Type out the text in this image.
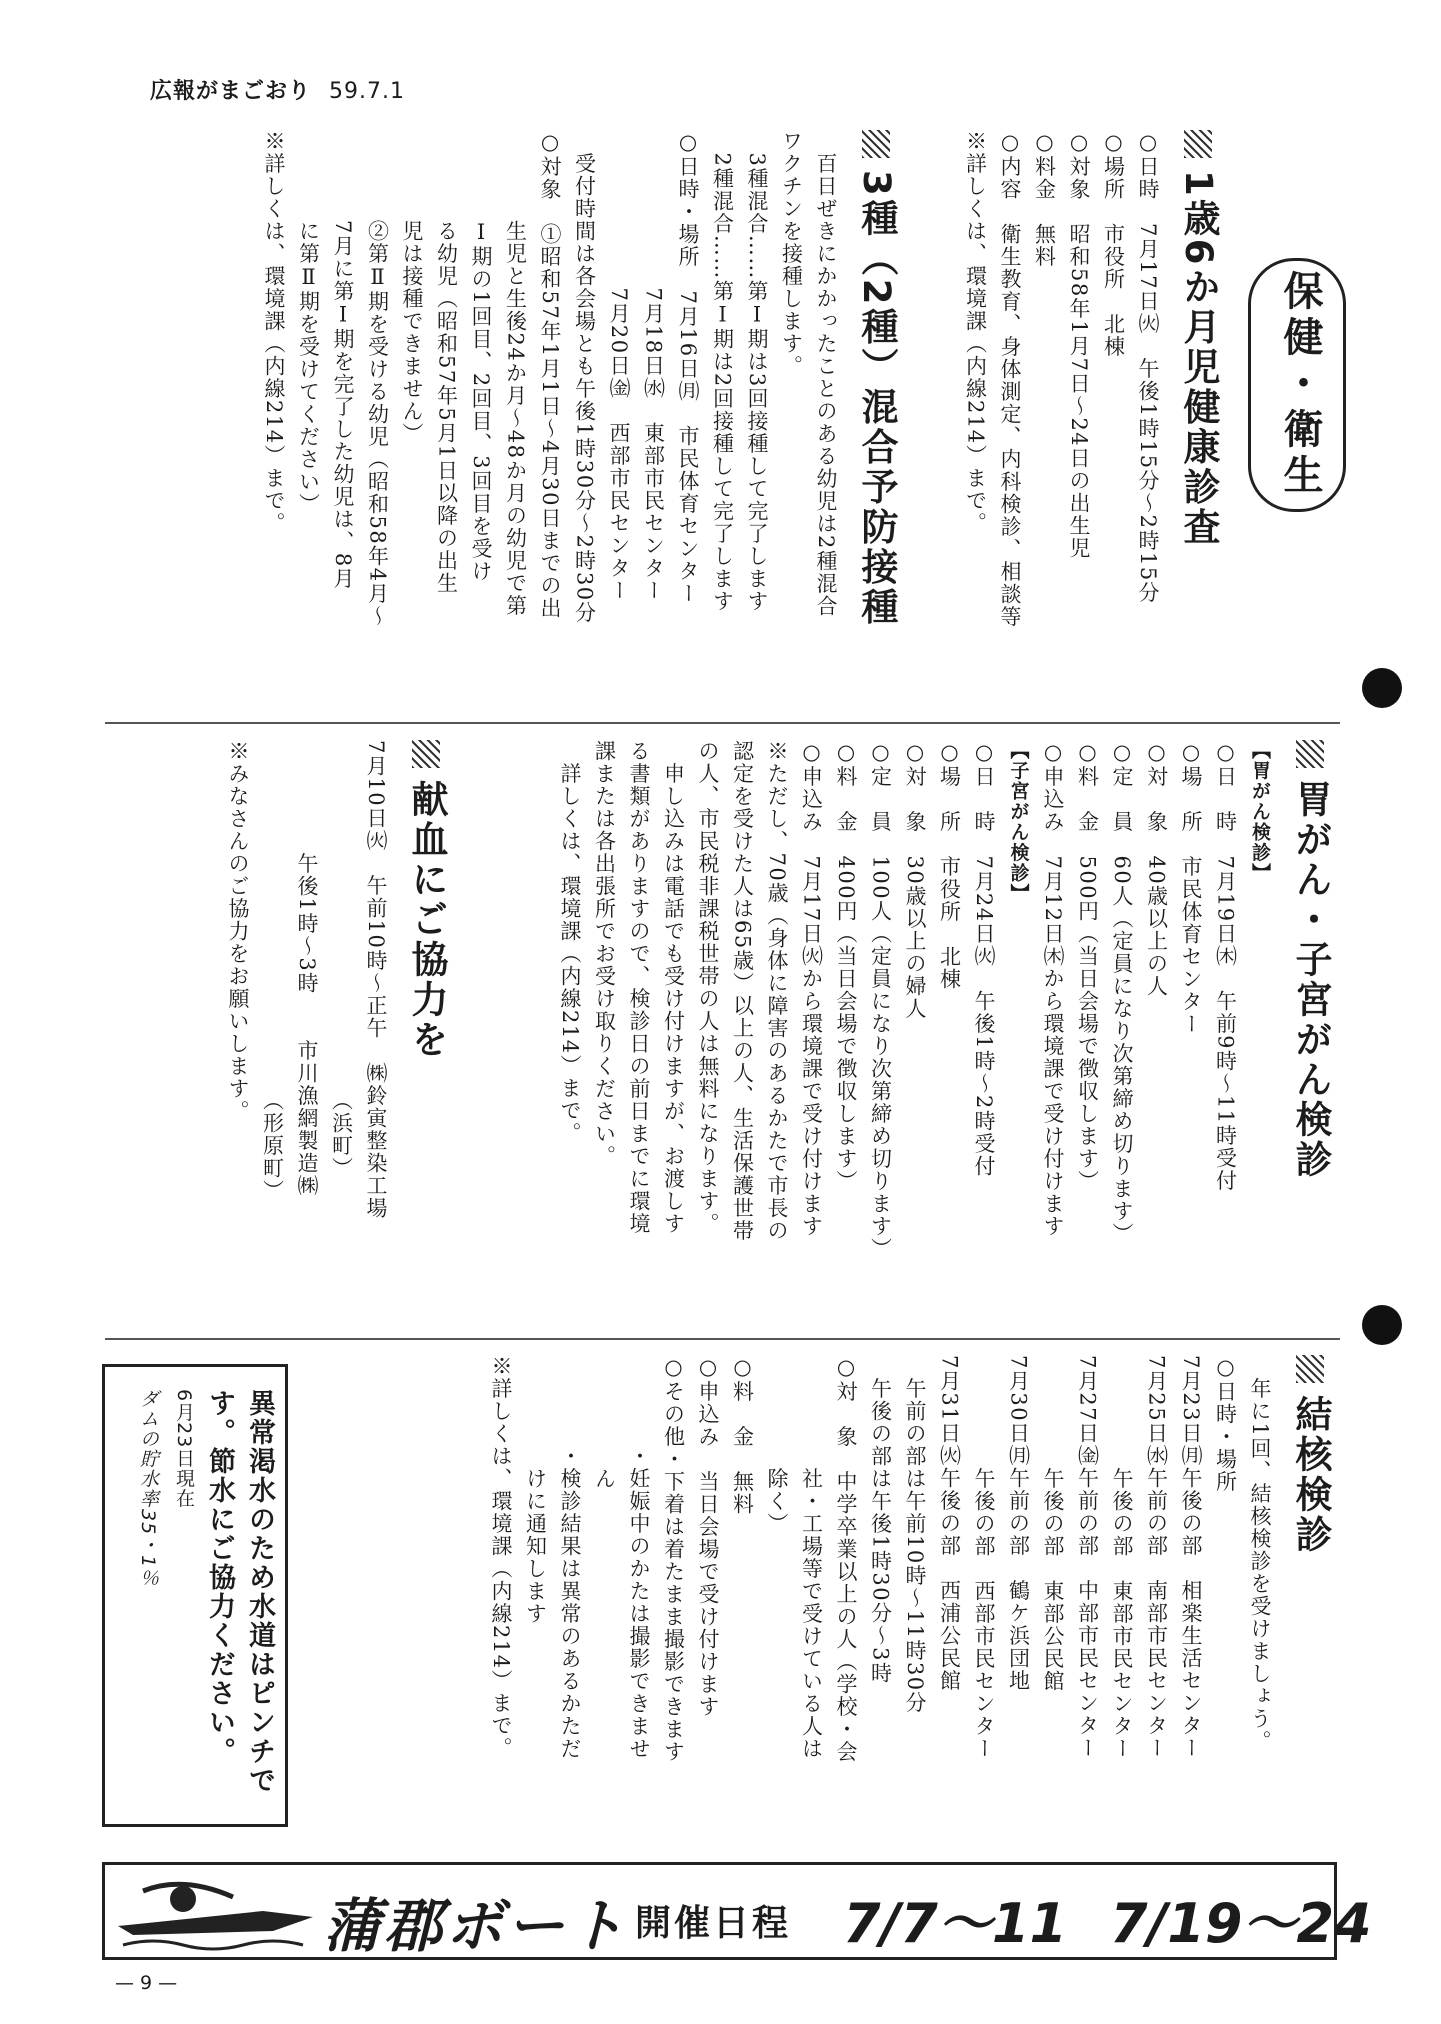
広報がまごおり 59.7.1
保健・衛生

1歳6か月児健康診査

○日時　7月17日㈫　午後1時15分～2時15分

○場所　市役所　北棟

○対象　昭和58年1月7日～24日の出生児

○料金　無料

○内容　衛生教育、身体測定、内科検診、相談等

※詳しくは、環境課（内線214）まで。

3種（2種）混合予防接種

　百日ぜきにかかったことのある幼児は2種混合

ワクチンを接種します。

　3種混合……第Ⅰ期は3回接種して完了します

　2種混合……第Ⅰ期は2回接種して完了します

○日時・場所　7月16日㈪　市民体育センター

　　　　　　　7月18日㈬　東部市民センター

　　　　　　　7月20日㈮　西部市民センター

　受付時間は各会場とも午後1時30分～2時30分

○対象　①昭和57年1月1日～4月30日までの出

　　　　生児と生後24か月～48か月の幼児で第

　　　　Ⅰ期の1回目、2回目、3回目を受け

　　　　る幼児（昭和57年5月1日以降の出生

　　　　児は接種できません）

　　　　②第Ⅱ期を受ける幼児（昭和58年4月～

　　　　7月に第Ⅰ期を完了した幼児は、8月

　　　　に第Ⅱ期を受けてください）

※詳しくは、環境課（内線214）まで。

胃がん・子宮がん検診

【胃がん検診】

○日　時　7月19日㈭　午前9時～11時受付

○場　所　市民体育センター

○対　象　40歳以上の人

○定　員　60人（定員になり次第締め切ります）

○料　金　500円（当日会場で徴収します）

○申込み　7月12日㈭から環境課で受け付けます

【子宮がん検診】

○日　時　7月24日㈫　午後1時～2時受付

○場　所　市役所　北棟

○対　象　30歳以上の婦人

○定　員　100人（定員になり次第締め切ります）

○料　金　400円（当日会場で徴収します）

○申込み　7月17日㈫から環境課で受け付けます

※ただし、70歳（身体に障害のあるかたで市長の

認定を受けた人は65歳）以上の人、生活保護世帯

の人、市民税非課税世帯の人は無料になります。

　申し込みは電話でも受け付けますが、お渡しす

る書類がありますので、検診日の前日までに環境

課または各出張所でお受け取りください。

　詳しくは、環境課（内線214）まで。

献血にご協力を

7月10日㈫　午前10時～正午　㈱鈴寅整染工場

　　　　　　　　　　　　　　　　（浜町）

　　　　　午後1時～3時　　市川漁網製造㈱

　　　　　　　　　　　　　　　　（形原町）

※みなさんのご協力をお願いします。

結核検診

　年に1回、結核検診を受けましょう。

○日時・場所

7月23日㈪午後の部　相楽生活センター

7月25日㈬午前の部　南部市民センター

　　　　　午後の部　東部市民センター

7月27日㈮午前の部　中部市民センター

　　　　　午後の部　東部公民館

7月30日㈪午前の部　鶴ケ浜団地

　　　　　午後の部　西部市民センター

7月31日㈫午後の部　西浦公民館

　午前の部は午前10時～11時30分

　午後の部は午後1時30分～3時

○対　象　中学卒業以上の人（学校・会

　　　　　社・工場等で受けている人は

　　　　　除く）

○料　金　無料

○申込み　当日会場で受け付けます

○その他・下着は着たまま撮影できます

　　　　・妊娠中のかたは撮影できませ

　　　　　ん

　　　　・検診結果は異常のあるかただ

　　　　　けに通知します

※詳しくは、環境課（内線214）まで。

異常渇水のため水道はピンチです。節水にご協力ください。

6月23日現在

ダムの貯水率35・1％

蒲郡ボート 開催日程 7/7～11 7/19～24
— 9 —
